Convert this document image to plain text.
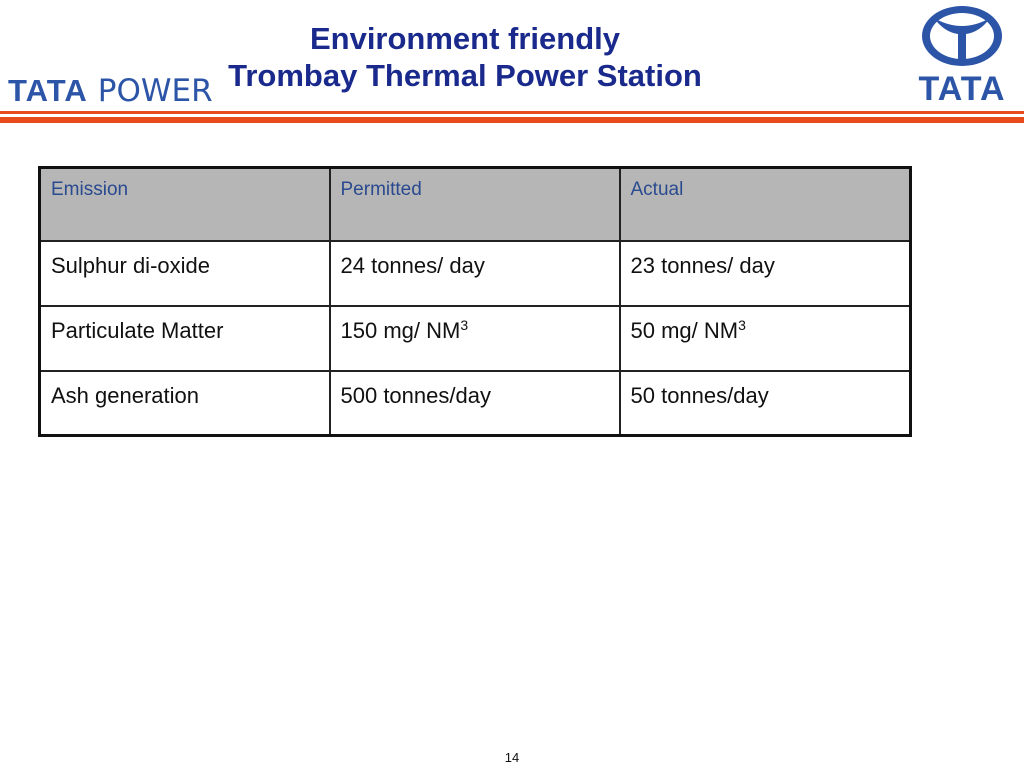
Environment friendly
Trombay Thermal Power Station
TATA POWER	TATA
Emission	Permitted	Actual
Sulphur di-oxide	24 tonnes/ day	23 tonnes/ day
Particulate Matter	150 mg/ $NM^3$	50 mg/ $NM^3$
Ash generation	500 tonnes/day	50 tonnes/day
14
